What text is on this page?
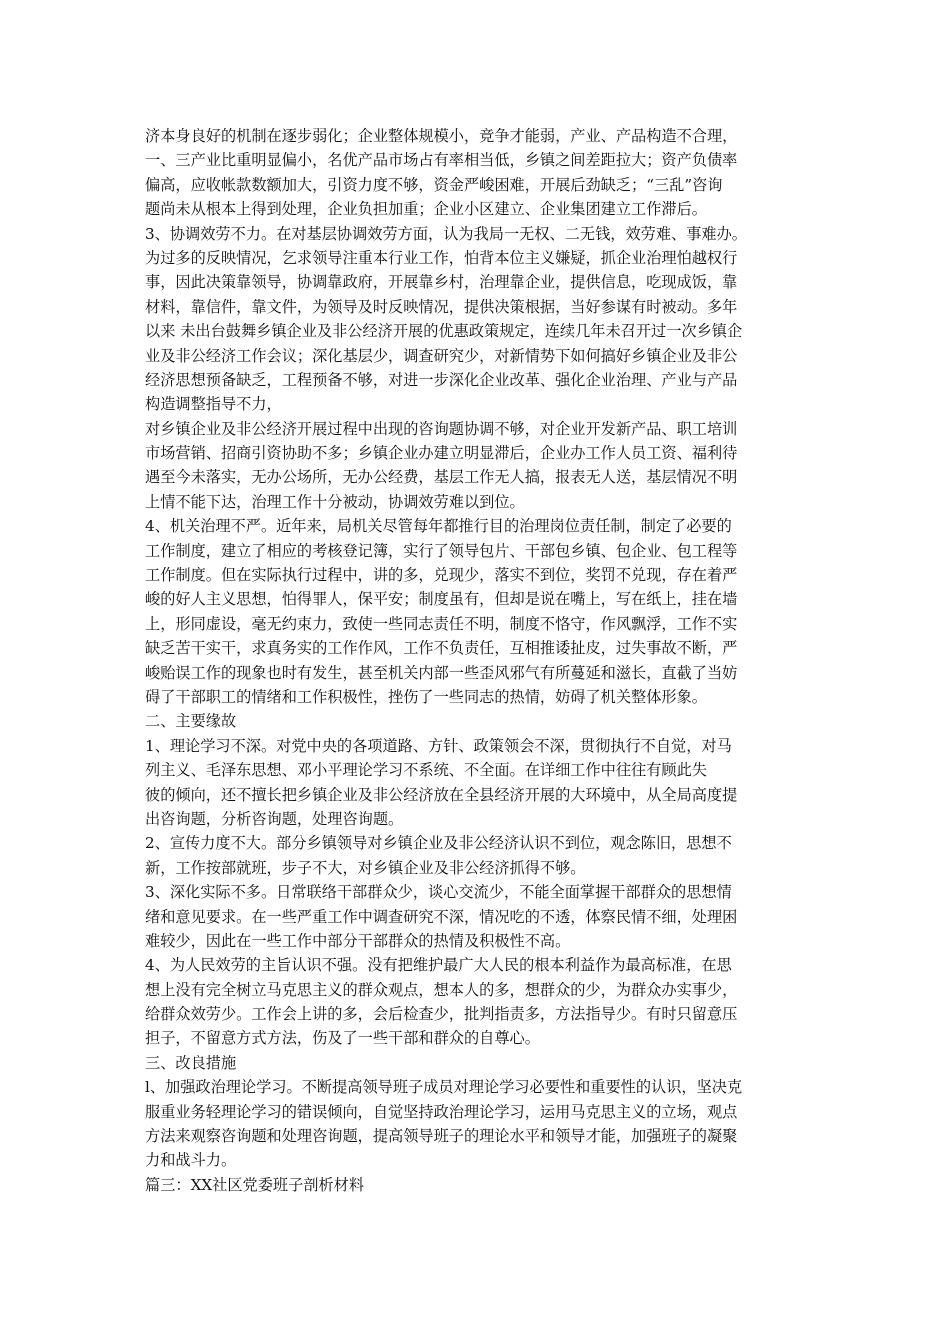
济本身良好的机制在逐步弱化；企业整体规模小，竞争才能弱，产业、产品构造不合理，
一、三产业比重明显偏小，名优产品市场占有率相当低，乡镇之间差距拉大；资产负债率
偏高，应收帐款数额加大，引资力度不够，资金严峻困难，开展后劲缺乏；“三乱”咨询
题尚未从根本上得到处理，企业负担加重；企业小区建立、企业集团建立工作滞后。
3、协调效劳不力。在对基层协调效劳方面，认为我局一无权、二无钱，效劳难、事难办。
为过多的反映情况，乞求领导注重本行业工作，怕背本位主义嫌疑，抓企业治理怕越权行
事，因此决策靠领导，协调靠政府，开展靠乡村，治理靠企业，提供信息，吃现成饭，靠
材料，靠信件，靠文件，为领导及时反映情况，提供决策根据，当好参谋有时被动。多年
以来 未出台鼓舞乡镇企业及非公经济开展的优惠政策规定，连续几年未召开过一次乡镇企
业及非公经济工作会议；深化基层少，调查研究少，对新情势下如何搞好乡镇企业及非公
经济思想预备缺乏，工程预备不够，对进一步深化企业改革、强化企业治理、产业与产品
构造调整指导不力，
对乡镇企业及非公经济开展过程中出现的咨询题协调不够，对企业开发新产品、职工培训
市场营销、招商引资协助不多；乡镇企业办建立明显滞后，企业办工作人员工资、福利待
遇至今未落实，无办公场所，无办公经费，基层工作无人搞，报表无人送，基层情况不明
上情不能下达，治理工作十分被动，协调效劳难以到位。
4、机关治理不严。近年来，局机关尽管每年都推行目的治理岗位责任制，制定了必要的
工作制度，建立了相应的考核登记簿，实行了领导包片、干部包乡镇、包企业、包工程等
工作制度。但在实际执行过程中，讲的多，兑现少，落实不到位，奖罚不兑现，存在着严
峻的好人主义思想，怕得罪人，保平安；制度虽有，但却是说在嘴上，写在纸上，挂在墙
上，形同虚设，毫无约束力，致使一些同志责任不明，制度不恪守，作风飘浮，工作不实
缺乏苦干实干，求真务实的工作作风，工作不负责任，互相推诿扯皮，过失事故不断，严
峻贻误工作的现象也时有发生，甚至机关内部一些歪风邪气有所蔓延和滋长，直截了当妨
碍了干部职工的情绪和工作积极性，挫伤了一些同志的热情，妨碍了机关整体形象。
二、主要缘故
1、理论学习不深。对党中央的各项道路、方针、政策领会不深，贯彻执行不自觉，对马
列主义、毛泽东思想、邓小平理论学习不系统、不全面。在详细工作中往往有顾此失
彼的倾向，还不擅长把乡镇企业及非公经济放在全县经济开展的大环境中，从全局高度提
出咨询题，分析咨询题，处理咨询题。
2、宣传力度不大。部分乡镇领导对乡镇企业及非公经济认识不到位，观念陈旧，思想不
新，工作按部就班，步子不大，对乡镇企业及非公经济抓得不够。
3、深化实际不多。日常联络干部群众少，谈心交流少，不能全面掌握干部群众的思想情
绪和意见要求。在一些严重工作中调查研究不深，情况吃的不透，体察民情不细，处理困
难较少，因此在一些工作中部分干部群众的热情及积极性不高。
4、为人民效劳的主旨认识不强。没有把维护最广大人民的根本利益作为最高标准，在思
想上没有完全树立马克思主义的群众观点，想本人的多，想群众的少，为群众办实事少，
给群众效劳少。工作会上讲的多，会后检查少，批判指责多，方法指导少。有时只留意压
担子，不留意方式方法，伤及了一些干部和群众的自尊心。
三、改良措施
l、加强政治理论学习。不断提高领导班子成员对理论学习必要性和重要性的认识，坚决克
服重业务轻理论学习的错误倾向，自觉坚持政治理论学习，运用马克思主义的立场，观点
方法来观察咨询题和处理咨询题，提高领导班子的理论水平和领导才能，加强班子的凝聚
力和战斗力。
篇三：XX社区党委班子剖析材料
